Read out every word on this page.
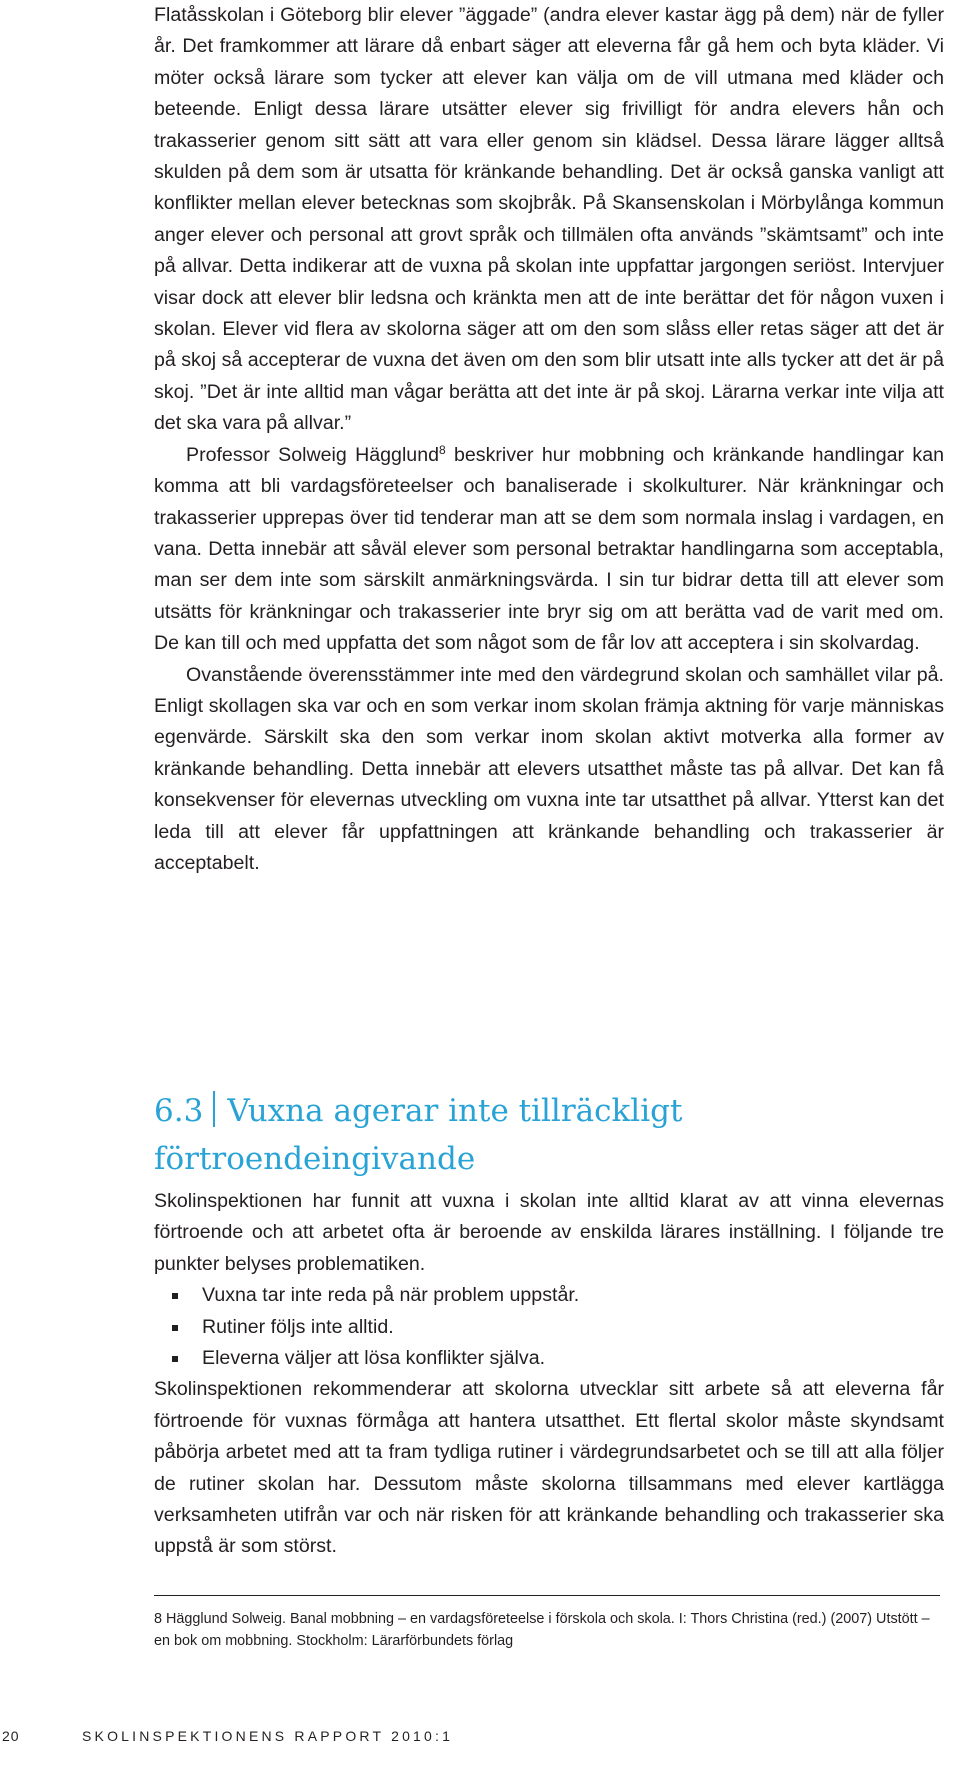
Flatåsskolan i Göteborg blir elever ”äggade” (andra elever kastar ägg på dem) när de fyller år. Det framkommer att lärare då enbart säger att eleverna får gå hem och byta kläder. Vi möter också lärare som tycker att elever kan välja om de vill utmana med kläder och beteende. Enligt dessa lärare utsätter elever sig frivilligt för andra elevers hån och trakasserier genom sitt sätt att vara eller genom sin klädsel. Dessa lärare lägger alltså skulden på dem som är utsatta för kränkande behandling. Det är också ganska vanligt att konflikter mellan elever betecknas som skojbråk. På Skansenskolan i Mörbylånga kommun anger elever och personal att grovt språk och tillmälen ofta används ”skämtsamt” och inte på allvar. Detta indikerar att de vuxna på skolan inte uppfattar jargongen seriöst. Intervjuer visar dock att elever blir ledsna och kränkta men att de inte berättar det för någon vuxen i skolan. Elever vid flera av skolorna säger att om den som slåss eller retas säger att det är på skoj så accepterar de vuxna det även om den som blir utsatt inte alls tycker att det är på skoj. ”Det är inte alltid man vågar berätta att det inte är på skoj. Lärarna verkar inte vilja att det ska vara på allvar.”

Professor Solweig Hägglund$^8$ beskriver hur mobbning och kränkande handlingar kan komma att bli vardagsföreteelser och banaliserade i skolkulturer. När kränkningar och trakasserier upprepas över tid tenderar man att se dem som normala inslag i vardagen, en vana. Detta innebär att såväl elever som personal betraktar handlingarna som acceptabla, man ser dem inte som särskilt anmärkningsvärda. I sin tur bidrar detta till att elever som utsätts för kränkningar och trakasserier inte bryr sig om att berätta vad de varit med om. De kan till och med uppfatta det som något som de får lov att acceptera i sin skolvardag.

Ovanstående överensstämmer inte med den värdegrund skolan och samhället vilar på. Enligt skollagen ska var och en som verkar inom skolan främja aktning för varje människas egenvärde. Särskilt ska den som verkar inom skolan aktivt motverka alla former av kränkande behandling. Detta innebär att elevers utsatthet måste tas på allvar. Det kan få konsekvenser för elevernas utveckling om vuxna inte tar utsatthet på allvar. Ytterst kan det leda till att elever får uppfattningen att kränkande behandling och trakasserier är acceptabelt.

6.3 Vuxna agerar inte tillräckligt förtroendeingivande

Skolinspektionen har funnit att vuxna i skolan inte alltid klarat av att vinna elevernas förtroende och att arbetet ofta är beroende av enskilda lärares inställning. I följande tre punkter belyses problematiken.

Vuxna tar inte reda på när problem uppstår.
Rutiner följs inte alltid.
Eleverna väljer att lösa konflikter själva.

Skolinspektionen rekommenderar att skolorna utvecklar sitt arbete så att eleverna får förtroende för vuxnas förmåga att hantera utsatthet. Ett flertal skolor måste skyndsamt påbörja arbetet med att ta fram tydliga rutiner i värdegrundsarbetet och se till att alla följer de rutiner skolan har. Dessutom måste skolorna tillsammans med elever kartlägga verksamheten utifrån var och när risken för att kränkande behandling och trakasserier ska uppstå är som störst.

8 Hägglund Solweig. Banal mobbning – en vardagsföreteelse i förskola och skola. I: Thors Christina (red.) (2007) Utstött – en bok om mobbning. Stockholm: Lärarförbundets förlag

20	SKOLINSPEKTIONENS RAPPORT 2010:1
